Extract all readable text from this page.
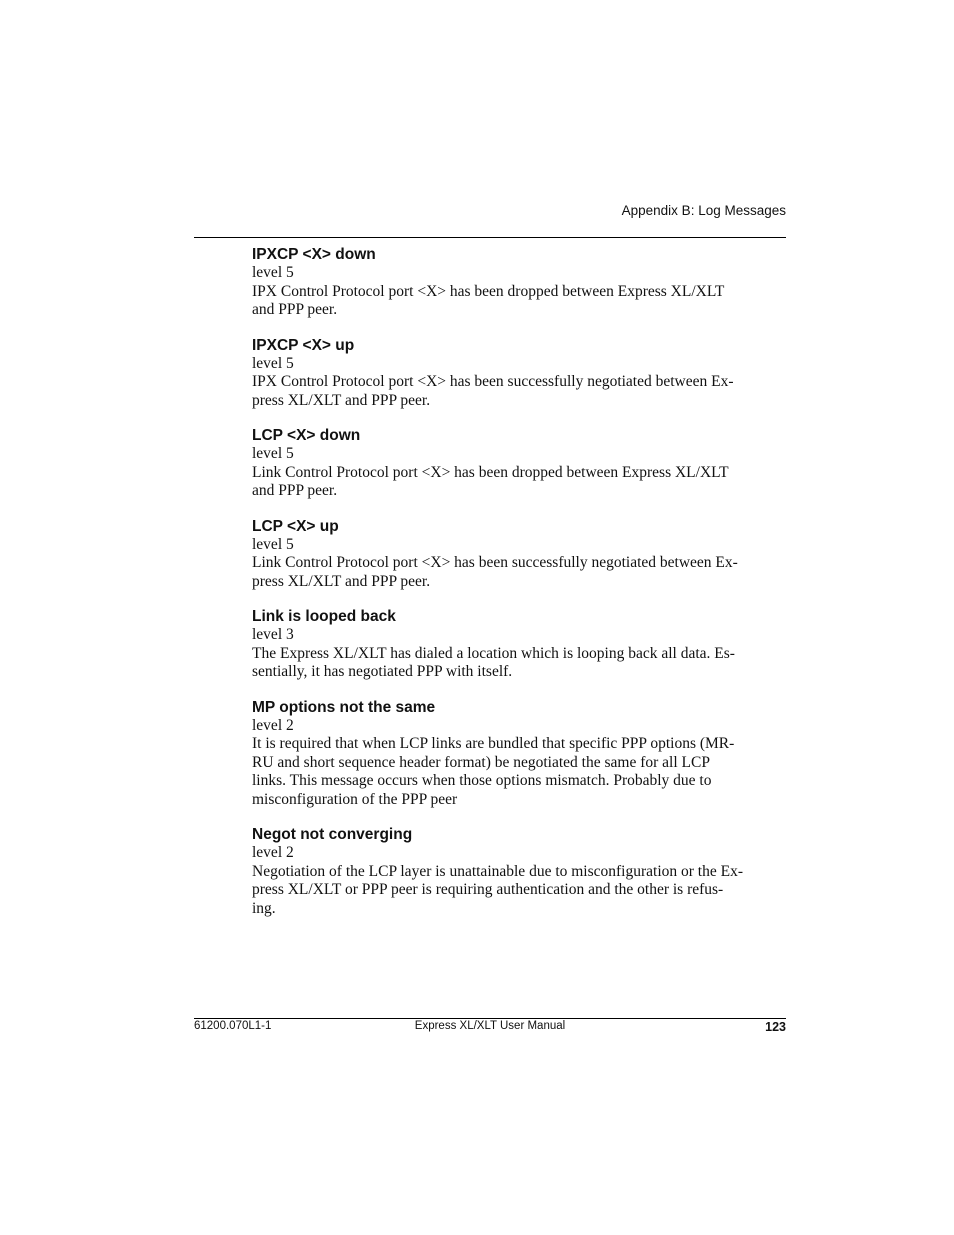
Appendix B: Log Messages

IPXCP <X> down

level 5

IPX Control Protocol port <X> has been dropped between Express XL/XLT
and PPP peer.

IPXCP <X> up

level 5

IPX Control Protocol port <X> has been successfully negotiated between Ex-
press XL/XLT and PPP peer.

LCP <X> down

level 5

Link Control Protocol port <X> has been dropped between Express XL/XLT
and PPP peer.

LCP <X> up

level 5

Link Control Protocol port <X> has been successfully negotiated between Ex-
press XL/XLT and PPP peer.

Link is looped back

level 3

The Express XL/XLT has dialed a location which is looping back all data. Es-
sentially, it has negotiated PPP with itself.

MP options not the same

level 2

It is required that when LCP links are bundled that specific PPP options (MR-
RU and short sequence header format) be negotiated the same for all LCP
links. This message occurs when those options mismatch. Probably due to
misconfiguration of the PPP peer

Negot not converging

level 2

Negotiation of the LCP layer is unattainable due to misconfiguration or the Ex-
press XL/XLT or PPP peer is requiring authentication and the other is refus-
ing.
61200.070L1-1	Express XL/XLT User Manual	123
